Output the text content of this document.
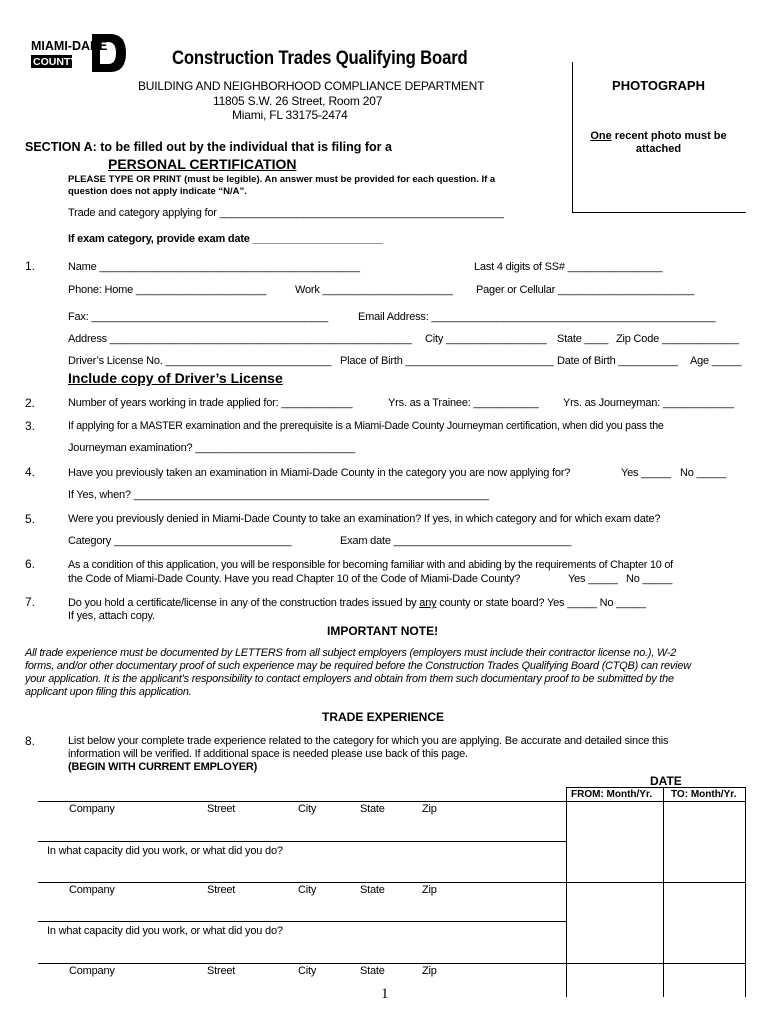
MIAMI-DADE
COUNTY	Construction Trades Qualifying Board
BUILDING AND NEIGHBORHOOD COMPLIANCE DEPARTMENT
11805 S.W. 26 Street, Room 207
Miami, FL 33175-2474
PHOTOGRAPH
One recent photo must be
attached
SECTION A: to be filled out by the individual that is filing for a
PERSONAL CERTIFICATION
PLEASE TYPE OR PRINT (must be legible). An answer must be provided for each question. If a
question does not apply indicate “N/A”.
Trade and category applying for ________________________________________________
If exam category, provide exam date ______________________
1.	Name ____________________________________________	Last 4 digits of SS# ________________
Phone: Home ______________________	Work ______________________ Pager or Cellular _______________________
Fax: ________________________________________	Email Address: ________________________________________________
Address ___________________________________________________ City _________________ State ____ Zip Code _____________
Driver’s License No. ____________________________ Place of Birth _________________________ Date of Birth __________ Age _____
Include copy of Driver’s License
2.	Number of years working in trade applied for: ____________	Yrs. as a Trainee: ___________ Yrs. as Journeyman: ____________
3.	If applying for a MASTER examination and the prerequisite is a Miami-Dade County Journeyman certification, when did you pass the
Journeyman examination? ___________________________
4.	Have you previously taken an examination in Miami-Dade County in the category you are now applying for?	Yes _____ No _____
If Yes, when? ____________________________________________________________
5.	Were you previously denied in Miami-Dade County to take an examination? If yes, in which category and for which exam date?
Category ______________________________	Exam date ______________________________
6.	As a condition of this application, you will be responsible for becoming familiar with and abiding by the requirements of Chapter 10 of
the Code of Miami-Dade County. Have you read Chapter 10 of the Code of Miami-Dade County?	Yes _____ No _____
7.	Do you hold a certificate/license in any of the construction trades issued by any county or state board? Yes _____ No _____
If yes, attach copy.
IMPORTANT NOTE!
All trade experience must be documented by LETTERS from all subject employers (employers must include their contractor license no.), W-2
forms, and/or other documentary proof of such experience may be required before the Construction Trades Qualifying Board (CTQB) can review
your application. It is the applicant’s responsibility to contact employers and obtain from them such documentary proof to be submitted by the
applicant upon filing this application.
TRADE EXPERIENCE
8.	List below your complete trade experience related to the category for which you are applying. Be accurate and detailed since this
information will be verified. If additional space is needed please use back of this page.
(BEGIN WITH CURRENT EMPLOYER)
DATE
FROM: Month/Yr. TO: Month/Yr.
Company	Street	City	State	Zip
In what capacity did you work, or what did you do?
Company	Street	City	State	Zip
In what capacity did you work, or what did you do?
Company	Street	City	State	Zip
1
